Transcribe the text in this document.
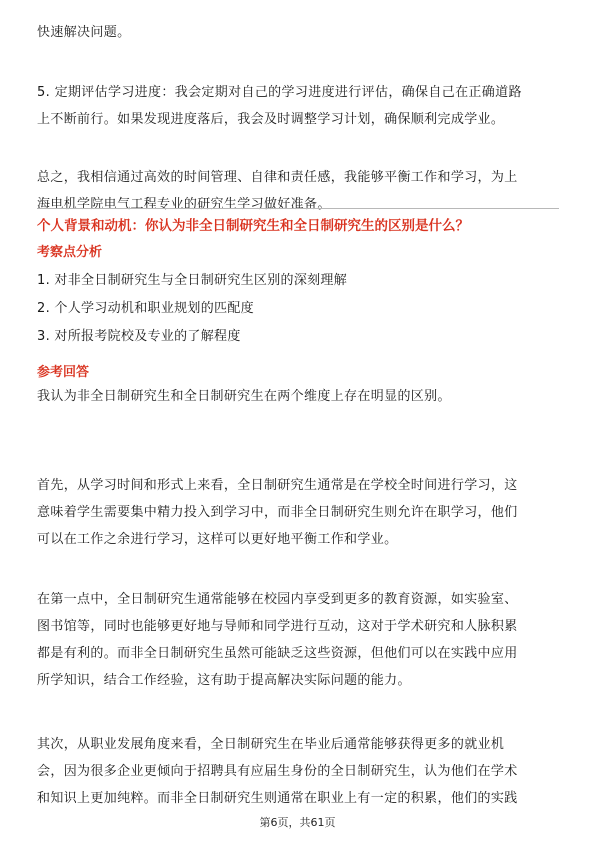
快速解决问题。

5. 定期评估学习进度：我会定期对自己的学习进度进行评估，确保自己在正确道路
上不断前行。如果发现进度落后，我会及时调整学习计划，确保顺利完成学业。

总之，我相信通过高效的时间管理、自律和责任感，我能够平衡工作和学习，为上
海电机学院电气工程专业的研究生学习做好准备。

个人背景和动机：你认为非全日制研究生和全日制研究生的区别是什么？
考察点分析
1. 对非全日制研究生与全日制研究生区别的深刻理解
2. 个人学习动机和职业规划的匹配度
3. 对所报考院校及专业的了解程度
参考回答

我认为非全日制研究生和全日制研究生在两个维度上存在明显的区别。

首先，从学习时间和形式上来看，全日制研究生通常是在学校全时间进行学习，这
意味着学生需要集中精力投入到学习中，而非全日制研究生则允许在职学习，他们
可以在工作之余进行学习，这样可以更好地平衡工作和学业。

在第一点中，全日制研究生通常能够在校园内享受到更多的教育资源，如实验室、
图书馆等，同时也能够更好地与导师和同学进行互动，这对于学术研究和人脉积累
都是有利的。而非全日制研究生虽然可能缺乏这些资源，但他们可以在实践中应用
所学知识，结合工作经验，这有助于提高解决实际问题的能力。

其次，从职业发展角度来看，全日制研究生在毕业后通常能够获得更多的就业机
会，因为很多企业更倾向于招聘具有应届生身份的全日制研究生，认为他们在学术
和知识上更加纯粹。而非全日制研究生则通常在职业上有一定的积累，他们的实践

第6页，共61页
